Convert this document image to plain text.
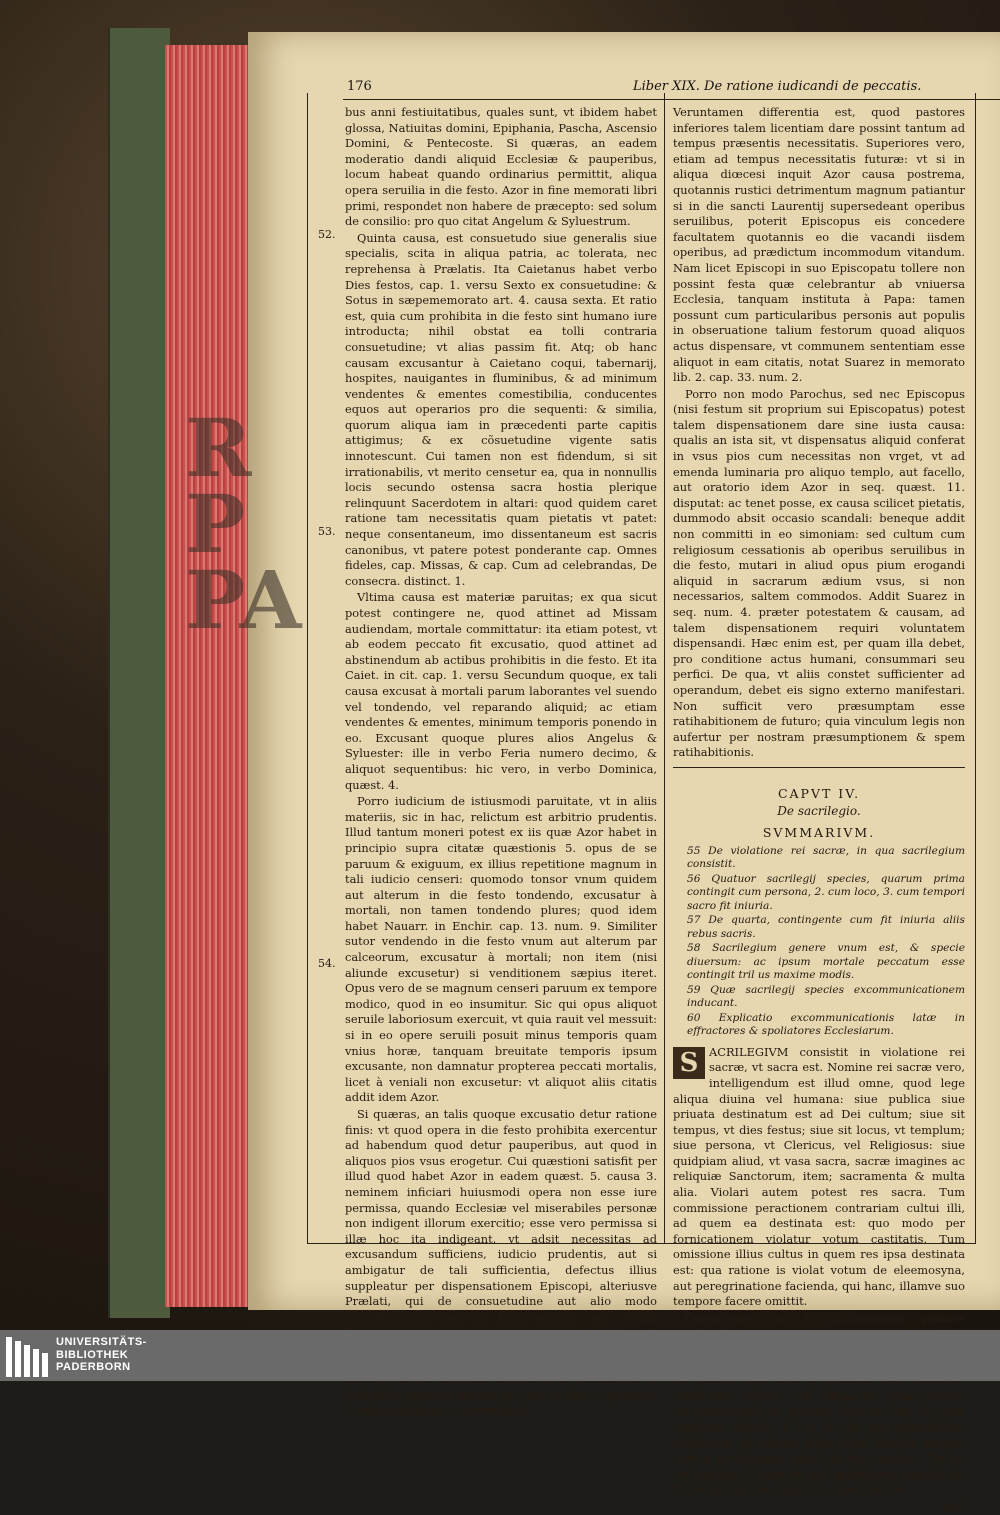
176	Liber XIX. De ratione iudicandi de peccatis.
R
P
PA
52.
53.
54.

bus anni festiuitatibus, quales sunt, vt ibidem habet glossa, Natiuitas domini, Epiphania, Pascha, Ascensio Domini, & Pentecoste. Si quæras, an eadem moderatio dandi aliquid Ecclesiæ & pauperibus, locum habeat quando ordinarius permittit, aliqua opera seruilia in die festo. Azor in fine memorati libri primi, respondet non habere de præcepto: sed solum de consilio: pro quo citat Angelum & Syluestrum.

Quinta causa, est consuetudo siue generalis siue specialis, scita in aliqua patria, ac tolerata, nec reprehensa à Prælatis. Ita Caietanus habet verbo Dies festos, cap. 1. versu Sexto ex consuetudine: & Sotus in sæpememorato art. 4. causa sexta. Et ratio est, quia cum prohibita in die festo sint humano iure introducta; nihil obstat ea tolli contraria consuetudine; vt alias passim fit. Atq; ob hanc causam excusantur à Caietano coqui, tabernarij, hospites, nauigantes in fluminibus, & ad minimum vendentes & ementes comestibilia, conducentes equos aut operarios pro die sequenti: & similia, quorum aliqua iam in præcedenti parte capitis attigimus; & ex cõsuetudine vigente satis innotescunt. Cui tamen non est fidendum, si sit irrationabilis, vt merito censetur ea, qua in nonnullis locis secundo ostensa sacra hostia plerique relinquunt Sacerdotem in altari: quod quidem caret ratione tam necessitatis quam pietatis vt patet: neque consentaneum, imo dissentaneum est sacris canonibus, vt patere potest ponderante cap. Omnes fideles, cap. Missas, & cap. Cum ad celebrandas, De consecra. distinct. 1.

Vltima causa est materiæ paruitas; ex qua sicut potest contingere ne, quod attinet ad Missam audiendam, mortale committatur: ita etiam potest, vt ab eodem peccato fit excusatio, quod attinet ad abstinendum ab actibus prohibitis in die festo. Et ita Caiet. in cit. cap. 1. versu Secundum quoque, ex tali causa excusat à mortali parum laborantes vel suendo vel tondendo, vel reparando aliquid; ac etiam vendentes & ementes, minimum temporis ponendo in eo. Excusant quoque plures alios Angelus & Syluester: ille in verbo Feria numero decimo, & aliquot sequentibus: hic vero, in verbo Dominica, quæst. 4.

Porro iudicium de istiusmodi paruitate, vt in aliis materiis, sic in hac, relictum est arbitrio prudentis. Illud tantum moneri potest ex iis quæ Azor habet in principio supra citatæ quæstionis 5. opus de se paruum & exiguum, ex illius repetitione magnum in tali iudicio censeri: quomodo tonsor vnum quidem aut alterum in die festo tondendo, excusatur à mortali, non tamen tondendo plures; quod idem habet Nauarr. in Enchir. cap. 13. num. 9. Similiter sutor vendendo in die festo vnum aut alterum par calceorum, excusatur à mortali; non item (nisi aliunde excusetur) si venditionem sæpius iteret. Opus vero de se magnum censeri paruum ex tempore modico, quod in eo insumitur. Sic qui opus aliquot seruile laboriosum exercuit, vt quia rauit vel messuit: si in eo opere seruili posuit minus temporis quam vnius horæ, tanquam breuitate temporis ipsum excusante, non damnatur propterea peccati mortalis, licet à veniali non excusetur: vt aliquot aliis citatis addit idem Azor.

Si quæras, an talis quoque excusatio detur ratione finis: vt quod opera in die festo prohibita exercentur ad habendum quod detur pauperibus, aut quod in aliquos pios vsus erogetur. Cui quæstioni satisfit per illud quod habet Azor in eadem quæst. 5. causa 3. neminem inficiari huiusmodi opera non esse iure permissa, quando Ecclesiæ vel miserabiles personæ non indigent illorum exercitio; esse vero permissa si illæ hoc ita indigeant, vt adsit necessitas ad excusandum sufficiens, iudicio prudentis, aut si ambigatur de tali sufficientia, defectus illius suppleatur per dispensationem Episcopi, alteriusve Prælati, qui de consuetudine aut alio modo iurisdictionem habeat Episcopalem: aut etiam ordinario regimine animarum, pro casibus repentinis, & extraordinarie occurrentibus.

Veruntamen differentia est, quod pastores inferiores talem licentiam dare possint tantum ad tempus præsentis necessitatis. Superiores vero, etiam ad tempus necessitatis futuræ: vt si in aliqua diœcesi inquit Azor causa postrema, quotannis rustici detrimentum magnum patiantur si in die sancti Laurentij supersedeant operibus seruilibus, poterit Episcopus eis concedere facultatem quotannis eo die vacandi iisdem operibus, ad prædictum incommodum vitandum. Nam licet Episcopi in suo Episcopatu tollere non possint festa quæ celebrantur ab vniuersa Ecclesia, tanquam instituta à Papa: tamen possunt cum particularibus personis aut populis in obseruatione talium festorum quoad aliquos actus dispensare, vt communem sententiam esse aliquot in eam citatis, notat Suarez in memorato lib. 2. cap. 33. num. 2.

Porro non modo Parochus, sed nec Episcopus (nisi festum sit proprium sui Episcopatus) potest talem dispensationem dare sine iusta causa: qualis an ista sit, vt dispensatus aliquid conferat in vsus pios cum necessitas non vrget, vt ad emenda luminaria pro aliquo templo, aut facello, aut oratorio idem Azor in seq. quæst. 11. disputat: ac tenet posse, ex causa scilicet pietatis, dummodo absit occasio scandali: beneque addit non committi in eo simoniam: sed cultum cum religiosum cessationis ab operibus seruilibus in die festo, mutari in aliud opus pium erogandi aliquid in sacrarum ædium vsus, si non necessarios, saltem commodos. Addit Suarez in seq. num. 4. præter potestatem & causam, ad talem dispensationem requiri voluntatem dispensandi. Hæc enim est, per quam illa debet, pro conditione actus humani, consummari seu perfici. De qua, vt aliis constet sufficienter ad operandum, debet eis signo externo manifestari. Non sufficit vero præsumptam esse ratihabitionem de futuro; quia vinculum legis non aufertur per nostram præsumptionem & spem ratihabitionis.

CAPVT IV.
De sacrilegio.
SVMMARIVM.

55 De violatione rei sacræ, in qua sacrilegium consistit.

56 Quatuor sacrilegij species, quarum prima contingit cum persona, 2. cum loco, 3. cum tempori sacro fit iniuria.

57 De quarta, contingente cum fit iniuria aliis rebus sacris.

58 Sacrilegium genere vnum est, & specie diuersum: ac ipsum mortale peccatum esse contingit tril us maxime modis.

59 Quæ sacrilegij species excommunicationem inducant.

60 Explicatio excommunicationis latæ in effractores & spoliatores Ecclesiarum.

S ACRILEGIVM consistit in violatione rei sacræ, vt sacra est. Nomine rei sacræ vero, intelligendum est illud omne, quod lege aliqua diuina vel humana: siue publica siue priuata destinatum est ad Dei cultum; siue sit tempus, vt dies festus; siue sit locus, vt templum; siue persona, vt Clericus, vel Religiosus: siue quidpiam aliud, vt vasa sacra, sacræ imagines ac reliquiæ Sanctorum, item; sacramenta & multa alia. Violari autem potest res sacra. Tum commissione peractionem contrariam cultui illi, ad quem ea destinata est: quo modo per fornicationem violatur votum castitatis. Tum omissione illius cultus in quem res ipsa destinata est: qua ratione is violat votum de eleemosyna, aut peregrinatione facienda, qui hanc, illamve suo tempore facere omittit.

Congruenter vero his distinguuntur quatuor verberatio Clerici vel Monachi: quæ seuera excommunicatione punitur lata in cap. Si quis suadente diabolo 17. q. 4. (de qua appendicem addidimus ad calcem primi libri) aliaque vexatio contra priuilegium quod dicitur canonis. Tertio, vectigalium & onerum aut gabellarum exactio ab Ecclesiasticis personis, cum hæc ab illis

sint

UNIVERSITÄTS-
BIBLIOTHEK
PADERBORN
